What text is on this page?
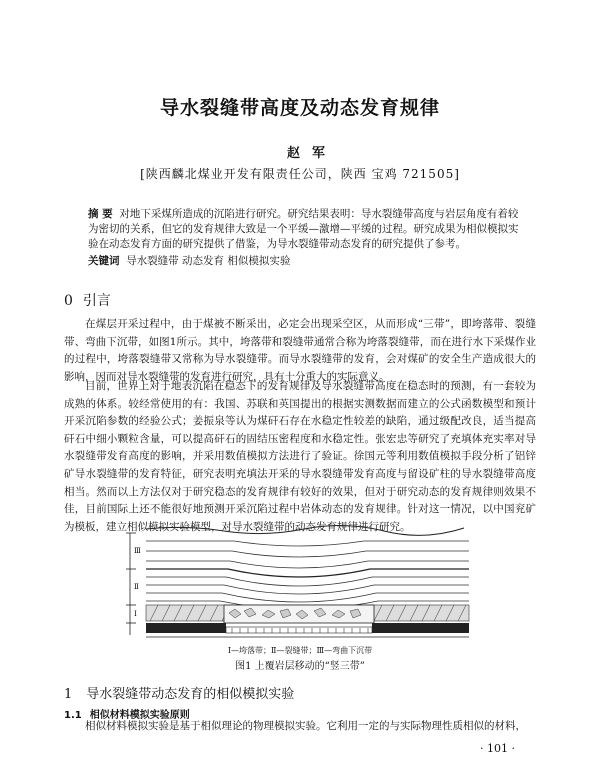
导水裂缝带高度及动态发育规律
赵军
[陕西麟北煤业开发有限责任公司，陕西 宝鸡 721505]
摘 要 对地下采煤所造成的沉陷进行研究。研究结果表明：导水裂缝带高度与岩层角度有着较为密切的关系，但它的发育规律大致是一个平缓—激增—平缓的过程。研究成果为相似模拟实验在动态发育方面的研究提供了借鉴，为导水裂缝带动态发育的研究提供了参考。
关键词 导水裂缝带 动态发育 相似模拟实验
0 引言

在煤层开采过程中，由于煤被不断采出，必定会出现采空区，从而形成“三带”，即垮落带、裂缝带、弯曲下沉带，如图1所示。其中，垮落带和裂缝带通常合称为垮落裂缝带，而在进行水下采煤作业的过程中，垮落裂缝带又常称为导水裂缝带。而导水裂缝带的发育，会对煤矿的安全生产造成很大的影响，因而对导水裂缝带的发育进行研究，具有十分重大的实际意义。

目前，世界上对于地表沉陷在稳态下的发育规律及导水裂缝带高度在稳态时的预测，有一套较为成熟的体系。较经常使用的有：我国、苏联和英国提出的根据实测数据而建立的公式函数模型和预计开采沉陷参数的经验公式；姜振泉等认为煤矸石存在水稳定性较差的缺陷，通过级配改良，适当提高矸石中细小颗粒含量，可以提高矸石的固结压密程度和水稳定性。张宏忠等研究了充填体充实率对导水裂缝带发育高度的影响，并采用数值模拟方法进行了验证。徐国元等利用数值模拟手段分析了铝锌矿导水裂缝带的发育特征，研究表明充填法开采的导水裂缝带发育高度与留设矿柱的导水裂缝带高度相当。然而以上方法仅对于研究稳态的发育规律有较好的效果，但对于研究动态的发育规律则效果不佳，目前国际上还不能很好地预测开采沉陷过程中岩体动态的发育规律。针对这一情况，以中国兖矿为模板，建立相似模拟实验模型，对导水裂缝带的动态发育规律进行研究。

Ⅲ
Ⅱ
Ⅰ
Ⅰ—垮落带；Ⅱ—裂缝带；Ⅲ—弯曲下沉带
图1 上覆岩层移动的“竖三带”
1 导水裂缝带动态发育的相似模拟实验
1.1 相似材料模拟实验原则
相似材料模拟实验是基于相似理论的物理模拟实验。它利用一定的与实际物理性质相似的材料，
· 101 ·
